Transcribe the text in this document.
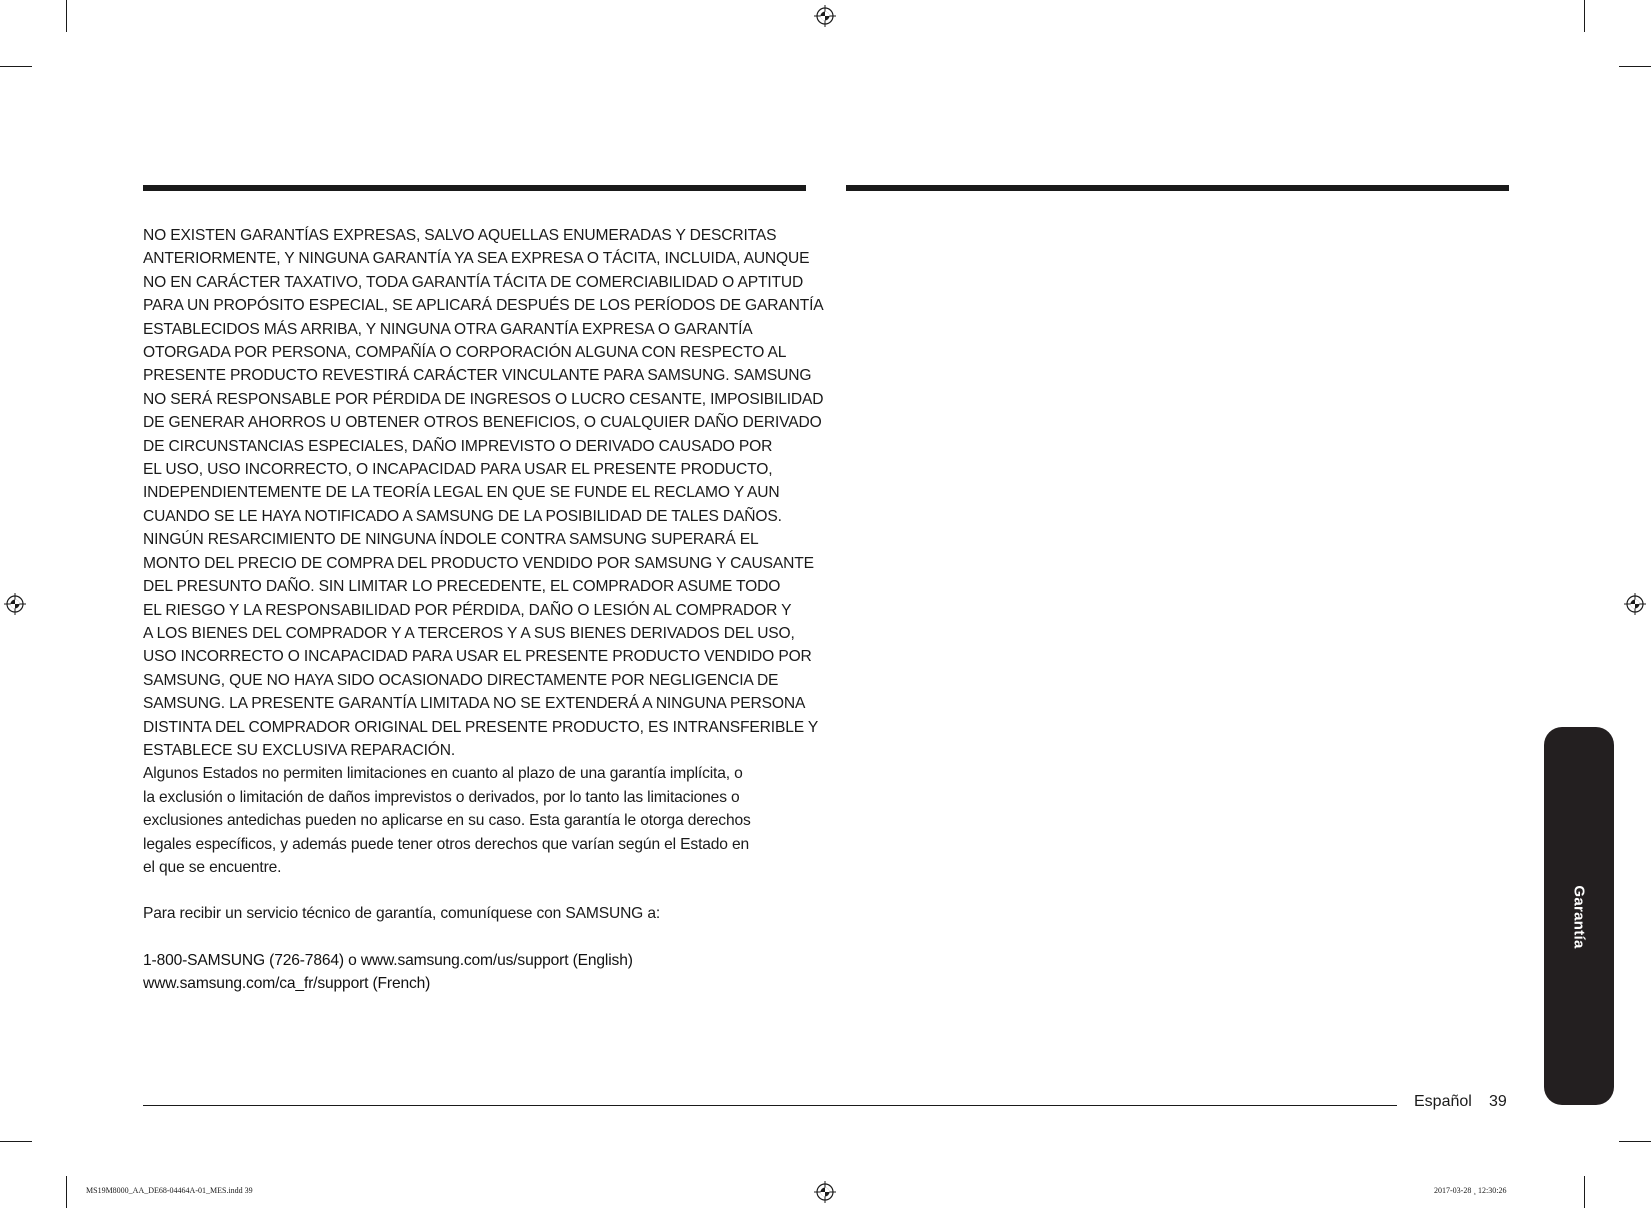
NO EXISTEN GARANTÍAS EXPRESAS, SALVO AQUELLAS ENUMERADAS Y DESCRITAS
ANTERIORMENTE, Y NINGUNA GARANTÍA YA SEA EXPRESA O TÁCITA, INCLUIDA, AUNQUE
NO EN CARÁCTER TAXATIVO, TODA GARANTÍA TÁCITA DE COMERCIABILIDAD O APTITUD
PARA UN PROPÓSITO ESPECIAL, SE APLICARÁ DESPUÉS DE LOS PERÍODOS DE GARANTÍA
ESTABLECIDOS MÁS ARRIBA, Y NINGUNA OTRA GARANTÍA EXPRESA O GARANTÍA
OTORGADA POR PERSONA, COMPAÑÍA O CORPORACIÓN ALGUNA CON RESPECTO AL
PRESENTE PRODUCTO REVESTIRÁ CARÁCTER VINCULANTE PARA SAMSUNG. SAMSUNG
NO SERÁ RESPONSABLE POR PÉRDIDA DE INGRESOS O LUCRO CESANTE, IMPOSIBILIDAD
DE GENERAR AHORROS U OBTENER OTROS BENEFICIOS, O CUALQUIER DAÑO DERIVADO
DE CIRCUNSTANCIAS ESPECIALES, DAÑO IMPREVISTO O DERIVADO CAUSADO POR
EL USO, USO INCORRECTO, O INCAPACIDAD PARA USAR EL PRESENTE PRODUCTO,
INDEPENDIENTEMENTE DE LA TEORÍA LEGAL EN QUE SE FUNDE EL RECLAMO Y AUN
CUANDO SE LE HAYA NOTIFICADO A SAMSUNG DE LA POSIBILIDAD DE TALES DAÑOS.
NINGÚN RESARCIMIENTO DE NINGUNA ÍNDOLE CONTRA SAMSUNG SUPERARÁ EL
MONTO DEL PRECIO DE COMPRA DEL PRODUCTO VENDIDO POR SAMSUNG Y CAUSANTE
DEL PRESUNTO DAÑO. SIN LIMITAR LO PRECEDENTE, EL COMPRADOR ASUME TODO
EL RIESGO Y LA RESPONSABILIDAD POR PÉRDIDA, DAÑO O LESIÓN AL COMPRADOR Y
A LOS BIENES DEL COMPRADOR Y A TERCEROS Y A SUS BIENES DERIVADOS DEL USO,
USO INCORRECTO O INCAPACIDAD PARA USAR EL PRESENTE PRODUCTO VENDIDO POR
SAMSUNG, QUE NO HAYA SIDO OCASIONADO DIRECTAMENTE POR NEGLIGENCIA DE
SAMSUNG. LA PRESENTE GARANTÍA LIMITADA NO SE EXTENDERÁ A NINGUNA PERSONA
DISTINTA DEL COMPRADOR ORIGINAL DEL PRESENTE PRODUCTO, ES INTRANSFERIBLE Y
ESTABLECE SU EXCLUSIVA REPARACIÓN.

Algunos Estados no permiten limitaciones en cuanto al plazo de una garantía implícita, o
la exclusión o limitación de daños imprevistos o derivados, por lo tanto las limitaciones o
exclusiones antedichas pueden no aplicarse en su caso. Esta garantía le otorga derechos
legales específicos, y además puede tener otros derechos que varían según el Estado en
el que se encuentre.

Para recibir un servicio técnico de garantía, comuníquese con SAMSUNG a:

1-800-SAMSUNG (726-7864) o www.samsung.com/us/support (English)
www.samsung.com/ca_fr/support (French)

Garantía
Español 39
MS19M8000_AA_DE68-04464A-01_MES.indd 39	2017-03-28 ¸ 12:30:26
